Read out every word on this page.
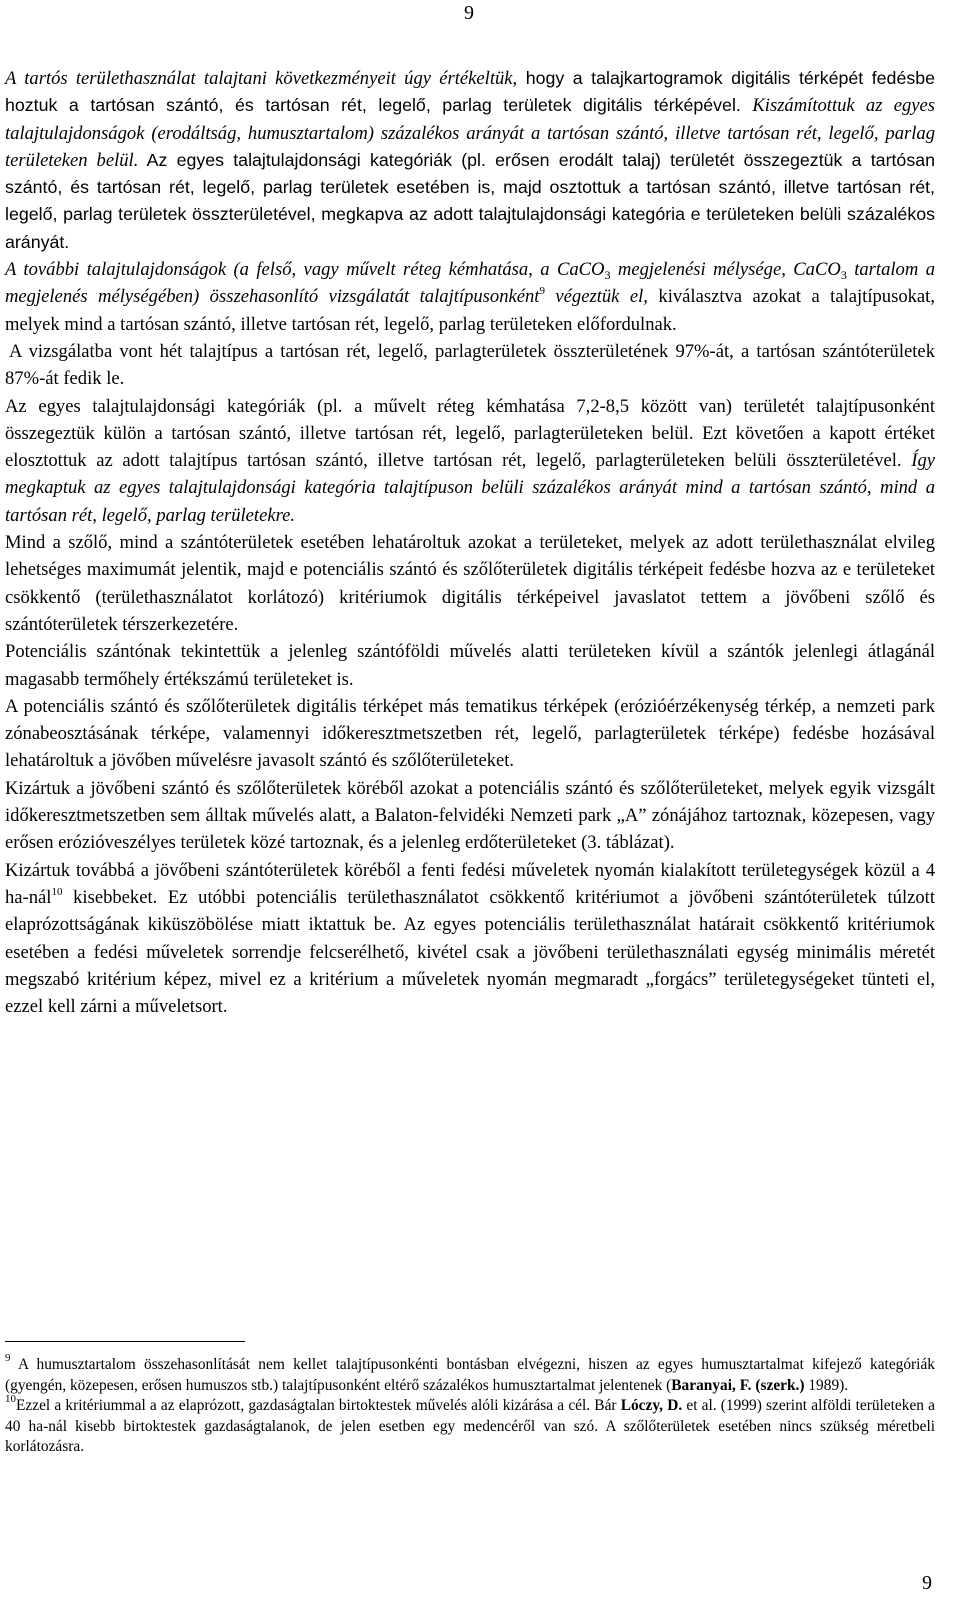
9

A tartós területhasználat talajtani következményeit úgy értékeltük, hogy a talajkartogramok digitális térképét fedésbe hoztuk a tartósan szántó, és tartósan rét, legelő, parlag területek digitális térképével. Kiszámítottuk az egyes talajtulajdonságok (erodáltság, humusztartalom) százalékos arányát a tartósan szántó, illetve tartósan rét, legelő, parlag területeken belül. Az egyes talajtulajdonsági kategóriák (pl. erősen erodált talaj) területét összegeztük a tartósan szántó, és tartósan rét, legelő, parlag területek esetében is, majd osztottuk a tartósan szántó, illetve tartósan rét, legelő, parlag területek összterületével, megkapva az adott talajtulajdonsági kategória e területeken belüli százalékos arányát.

A további talajtulajdonságok (a felső, vagy művelt réteg kémhatása, a CaCO$_3$ megjelenési mélysége, CaCO$_3$ tartalom a megjelenés mélységében) összehasonlító vizsgálatát talajtípusonként$^9$ végeztük el, kiválasztva azokat a talajtípusokat, melyek mind a tartósan szántó, illetve tartósan rét, legelő, parlag területeken előfordulnak.

A vizsgálatba vont hét talajtípus a tartósan rét, legelő, parlagterületek összterületének 97%-át, a tartósan szántóterületek 87%-át fedik le.

Az egyes talajtulajdonsági kategóriák (pl. a művelt réteg kémhatása 7,2-8,5 között van) területét talajtípusonként összegeztük külön a tartósan szántó, illetve tartósan rét, legelő, parlagterületeken belül. Ezt követően a kapott értéket elosztottuk az adott talajtípus tartósan szántó, illetve tartósan rét, legelő, parlagterületeken belüli összterületével. Így megkaptuk az egyes talajtulajdonsági kategória talajtípuson belüli százalékos arányát mind a tartósan szántó, mind a tartósan rét, legelő, parlag területekre.

Mind a szőlő, mind a szántóterületek esetében lehatároltuk azokat a területeket, melyek az adott területhasználat elvileg lehetséges maximumát jelentik, majd e potenciális szántó és szőlőterületek digitális térképeit fedésbe hozva az e területeket csökkentő (területhasználatot korlátozó) kritériumok digitális térképeivel javaslatot tettem a jövőbeni szőlő és szántóterületek térszerkezetére.

Potenciális szántónak tekintettük a jelenleg szántóföldi művelés alatti területeken kívül a szántók jelenlegi átlagánál magasabb termőhely értékszámú területeket is.

A potenciális szántó és szőlőterületek digitális térképet más tematikus térképek (erózióérzékenység térkép, a nemzeti park zónabeosztásának térképe, valamennyi időkeresztmetszetben rét, legelő, parlagterületek térképe) fedésbe hozásával lehatároltuk a jövőben művelésre javasolt szántó és szőlőterületeket.

Kizártuk a jövőbeni szántó és szőlőterületek köréből azokat a potenciális szántó és szőlőterületeket, melyek egyik vizsgált időkeresztmetszetben sem álltak művelés alatt, a Balaton-felvidéki Nemzeti park „A” zónájához tartoznak, közepesen, vagy erősen erózióveszélyes területek közé tartoznak, és a jelenleg erdőterületeket (3. táblázat).

Kizártuk továbbá a jövőbeni szántóterületek köréből a fenti fedési műveletek nyomán kialakított területegységek közül a 4 ha-nál$^{10}$ kisebbeket. Ez utóbbi potenciális területhasználatot csökkentő kritériumot a jövőbeni szántóterületek túlzott elaprózottságának kiküszöbölése miatt iktattuk be. Az egyes potenciális területhasználat határait csökkentő kritériumok esetében a fedési műveletek sorrendje felcserélhető, kivétel csak a jövőbeni területhasználati egység minimális méretét megszabó kritérium képez, mivel ez a kritérium a műveletek nyomán megmaradt „forgács” területegységeket tünteti el, ezzel kell zárni a műveletsort.

$^9$ A humusztartalom összehasonlítását nem kellet talajtípusonkénti bontásban elvégezni, hiszen az egyes humusztartalmat kifejező kategóriák (gyengén, közepesen, erősen humuszos stb.) talajtípusonként eltérő százalékos humusztartalmat jelentenek (Baranyai, F. (szerk.) 1989).

$^{10}$Ezzel a kritériummal a az elaprózott, gazdaságtalan birtoktestek művelés alóli kizárása a cél. Bár Lóczy, D. et al. (1999) szerint alföldi területeken a 40 ha-nál kisebb birtoktestek gazdaságtalanok, de jelen esetben egy medencéről van szó. A szőlőterületek esetében nincs szükség méretbeli korlátozásra.

9
